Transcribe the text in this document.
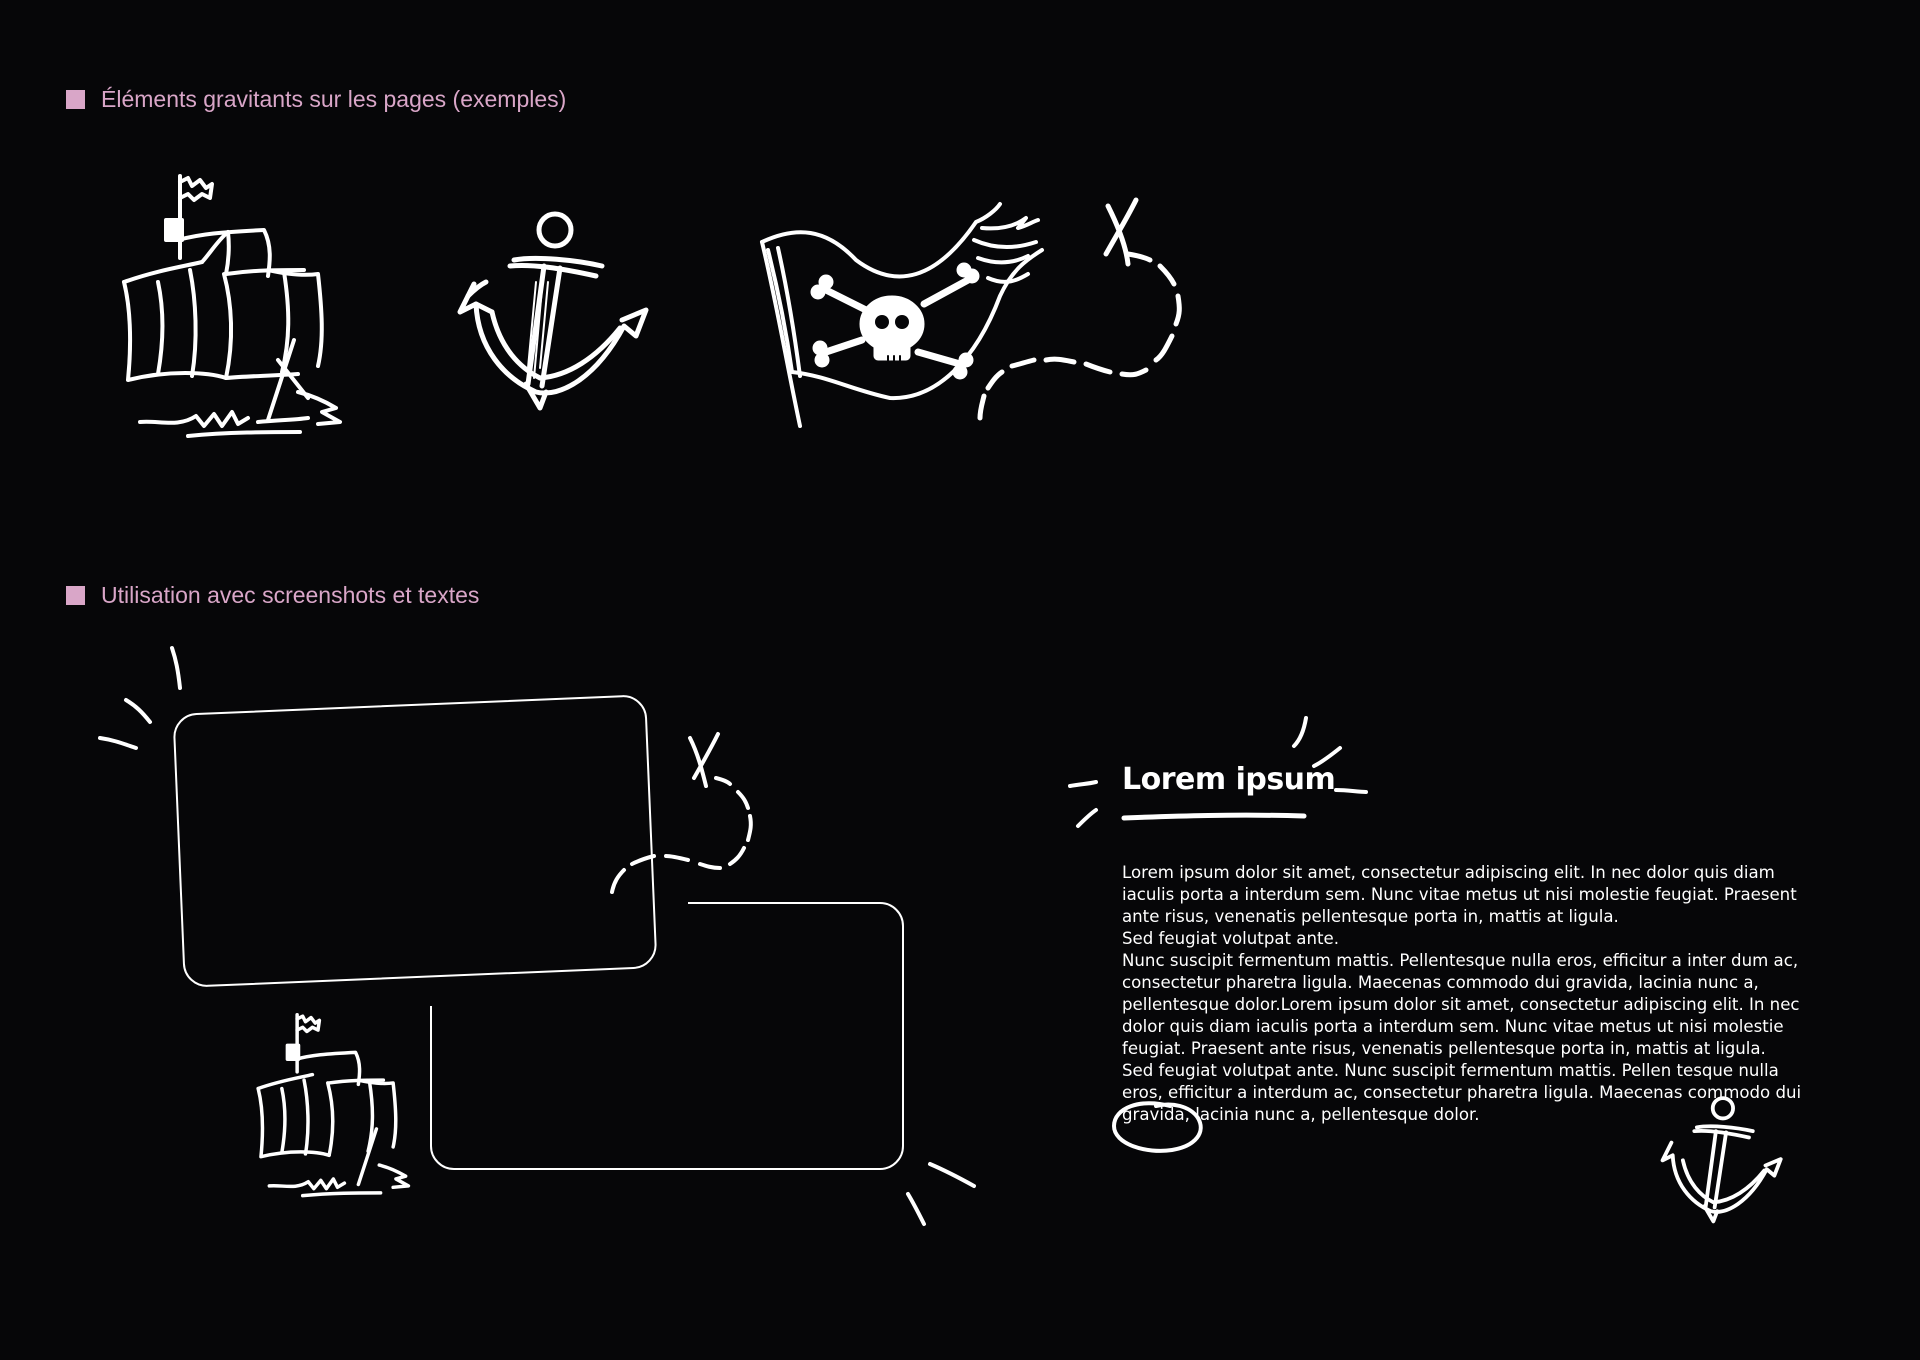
Éléments gravitants sur les pages (exemples)
Utilisation avec screenshots et textes
Lorem ipsum

Lorem ipsum dolor sit amet, consectetur adipiscing elit. In nec dolor quis diam iaculis porta a interdum sem. Nunc vitae metus ut nisi molestie feugiat. Praesent ante risus, venenatis pellentesque porta in, mattis at ligula.

Sed feugiat volutpat ante.

Nunc suscipit fermentum mattis. Pellentesque nulla eros, efficitur a inter dum ac, consectetur pharetra ligula. Maecenas commodo dui gravida, lacinia nunc a, pellentesque dolor.Lorem ipsum dolor sit amet, consectetur adipiscing elit. In nec dolor quis diam iaculis porta a interdum sem. Nunc vitae metus ut nisi molestie feugiat. Praesent ante risus, venenatis pellentesque porta in, mattis at ligula. Sed feugiat volutpat ante. Nunc suscipit fermentum mattis. Pellen tesque nulla eros, efficitur a interdum ac, consectetur pharetra ligula. Maecenas commodo dui gravida, lacinia nunc a, pellentesque dolor.
